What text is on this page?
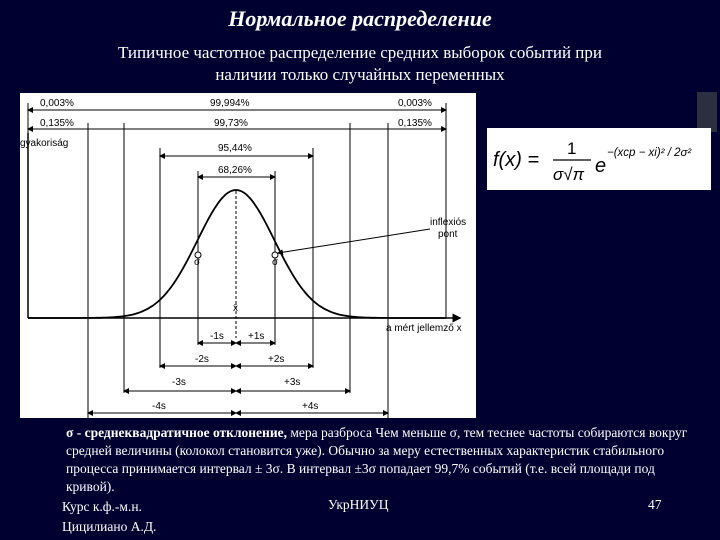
Нормальное распределение
Типичное частотное распределение средних выборок событий при
наличии только случайных переменных
0,003%	99,994%	0,003%
0,135%	99,73%	0,135%
95,44%
68,26%
gyakoriság
a mért jellemző x
x̄
σ	σ
inflexiós
pont
-1s +1s
-2s	+2s
-3s	+3s
-4s	+4s
f(x) =
1
σ√π e
−(xcp − xi)² / 2σ²
σ - среднеквадратичное отклонение, мера разброса Чем меньше σ, тем теснее частоты собираются вокруг средней величины (колокол становится уже). Обычно за меру естественных характеристик стабильного процесса принимается интервал ± 3σ. В интервал ±3σ попадает 99,7% событий (т.е. всей площади под кривой).
Курс к.ф.-м.н.
Цицилиано А.Д.
УкрНИУЦ	47
